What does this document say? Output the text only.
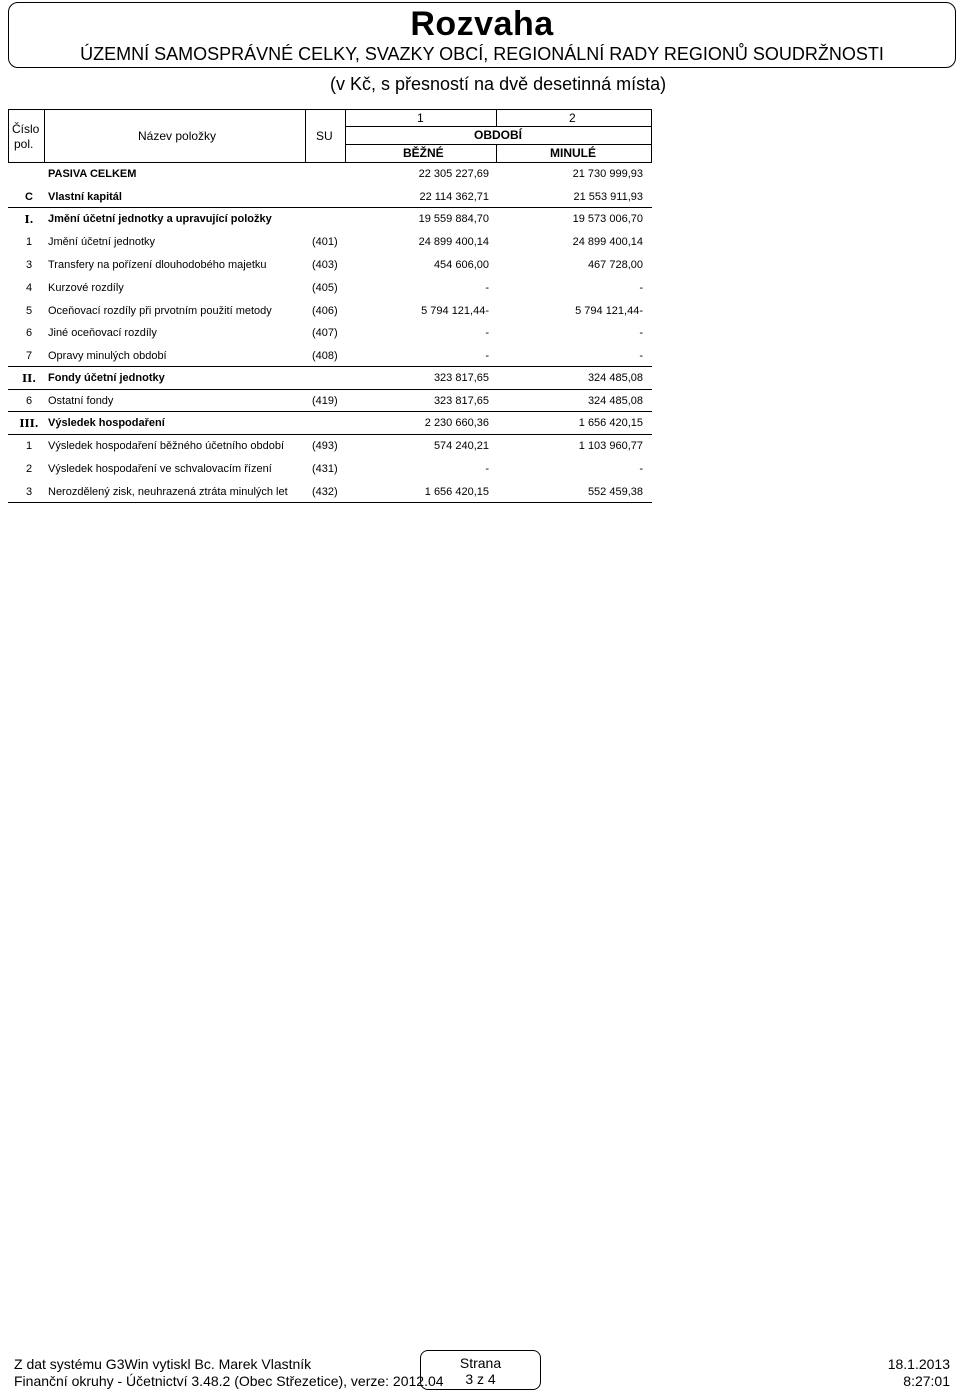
Rozvaha
ÚZEMNÍ SAMOSPRÁVNÉ CELKY, SVAZKY OBCÍ, REGIONÁLNÍ RADY REGIONŮ SOUDRŽNOSTI
(v Kč, s přesností na dvě desetinná místa)
Číslo
pol.
Název položky	SU
1	2
OBDOBÍ
BĚŽNÉ	MINULÉ
PASIVA CELKEM	22 305 227,69	21 730 999,93
C	Vlastní kapitál	22 114 362,71	21 553 911,93
I.	Jmění účetní jednotky a upravující položky	19 559 884,70	19 573 006,70
1	Jmění účetní jednotky	(401)	24 899 400,14	24 899 400,14
3	Transfery na pořízení dlouhodobého majetku	(403)	454 606,00	467 728,00
4	Kurzové rozdíly	(405)	-	-
5	Oceňovací rozdíly při prvotním použití metody	(406)	5 794 121,44-	5 794 121,44-
6	Jiné oceňovací rozdíly	(407)	-	-
7	Opravy minulých období	(408)	-	-
II.	Fondy účetní jednotky	323 817,65	324 485,08
6	Ostatní fondy	(419)	323 817,65	324 485,08
III. Výsledek hospodaření	2 230 660,36	1 656 420,15
1	Výsledek hospodaření běžného účetního období	(493)	574 240,21	1 103 960,77
2	Výsledek hospodaření ve schvalovacím řízení	(431)	-	-
3	Nerozdělený zisk, neuhrazená ztráta minulých let (432)	1 656 420,15	552 459,38
Z dat systému G3Win vytiskl Bc. Marek Vlastník
Finanční okruhy - Účetnictví 3.48.2 (Obec Střezetice), verze: 2012.04
Strana
3 z 4
18.1.2013
8:27:01
